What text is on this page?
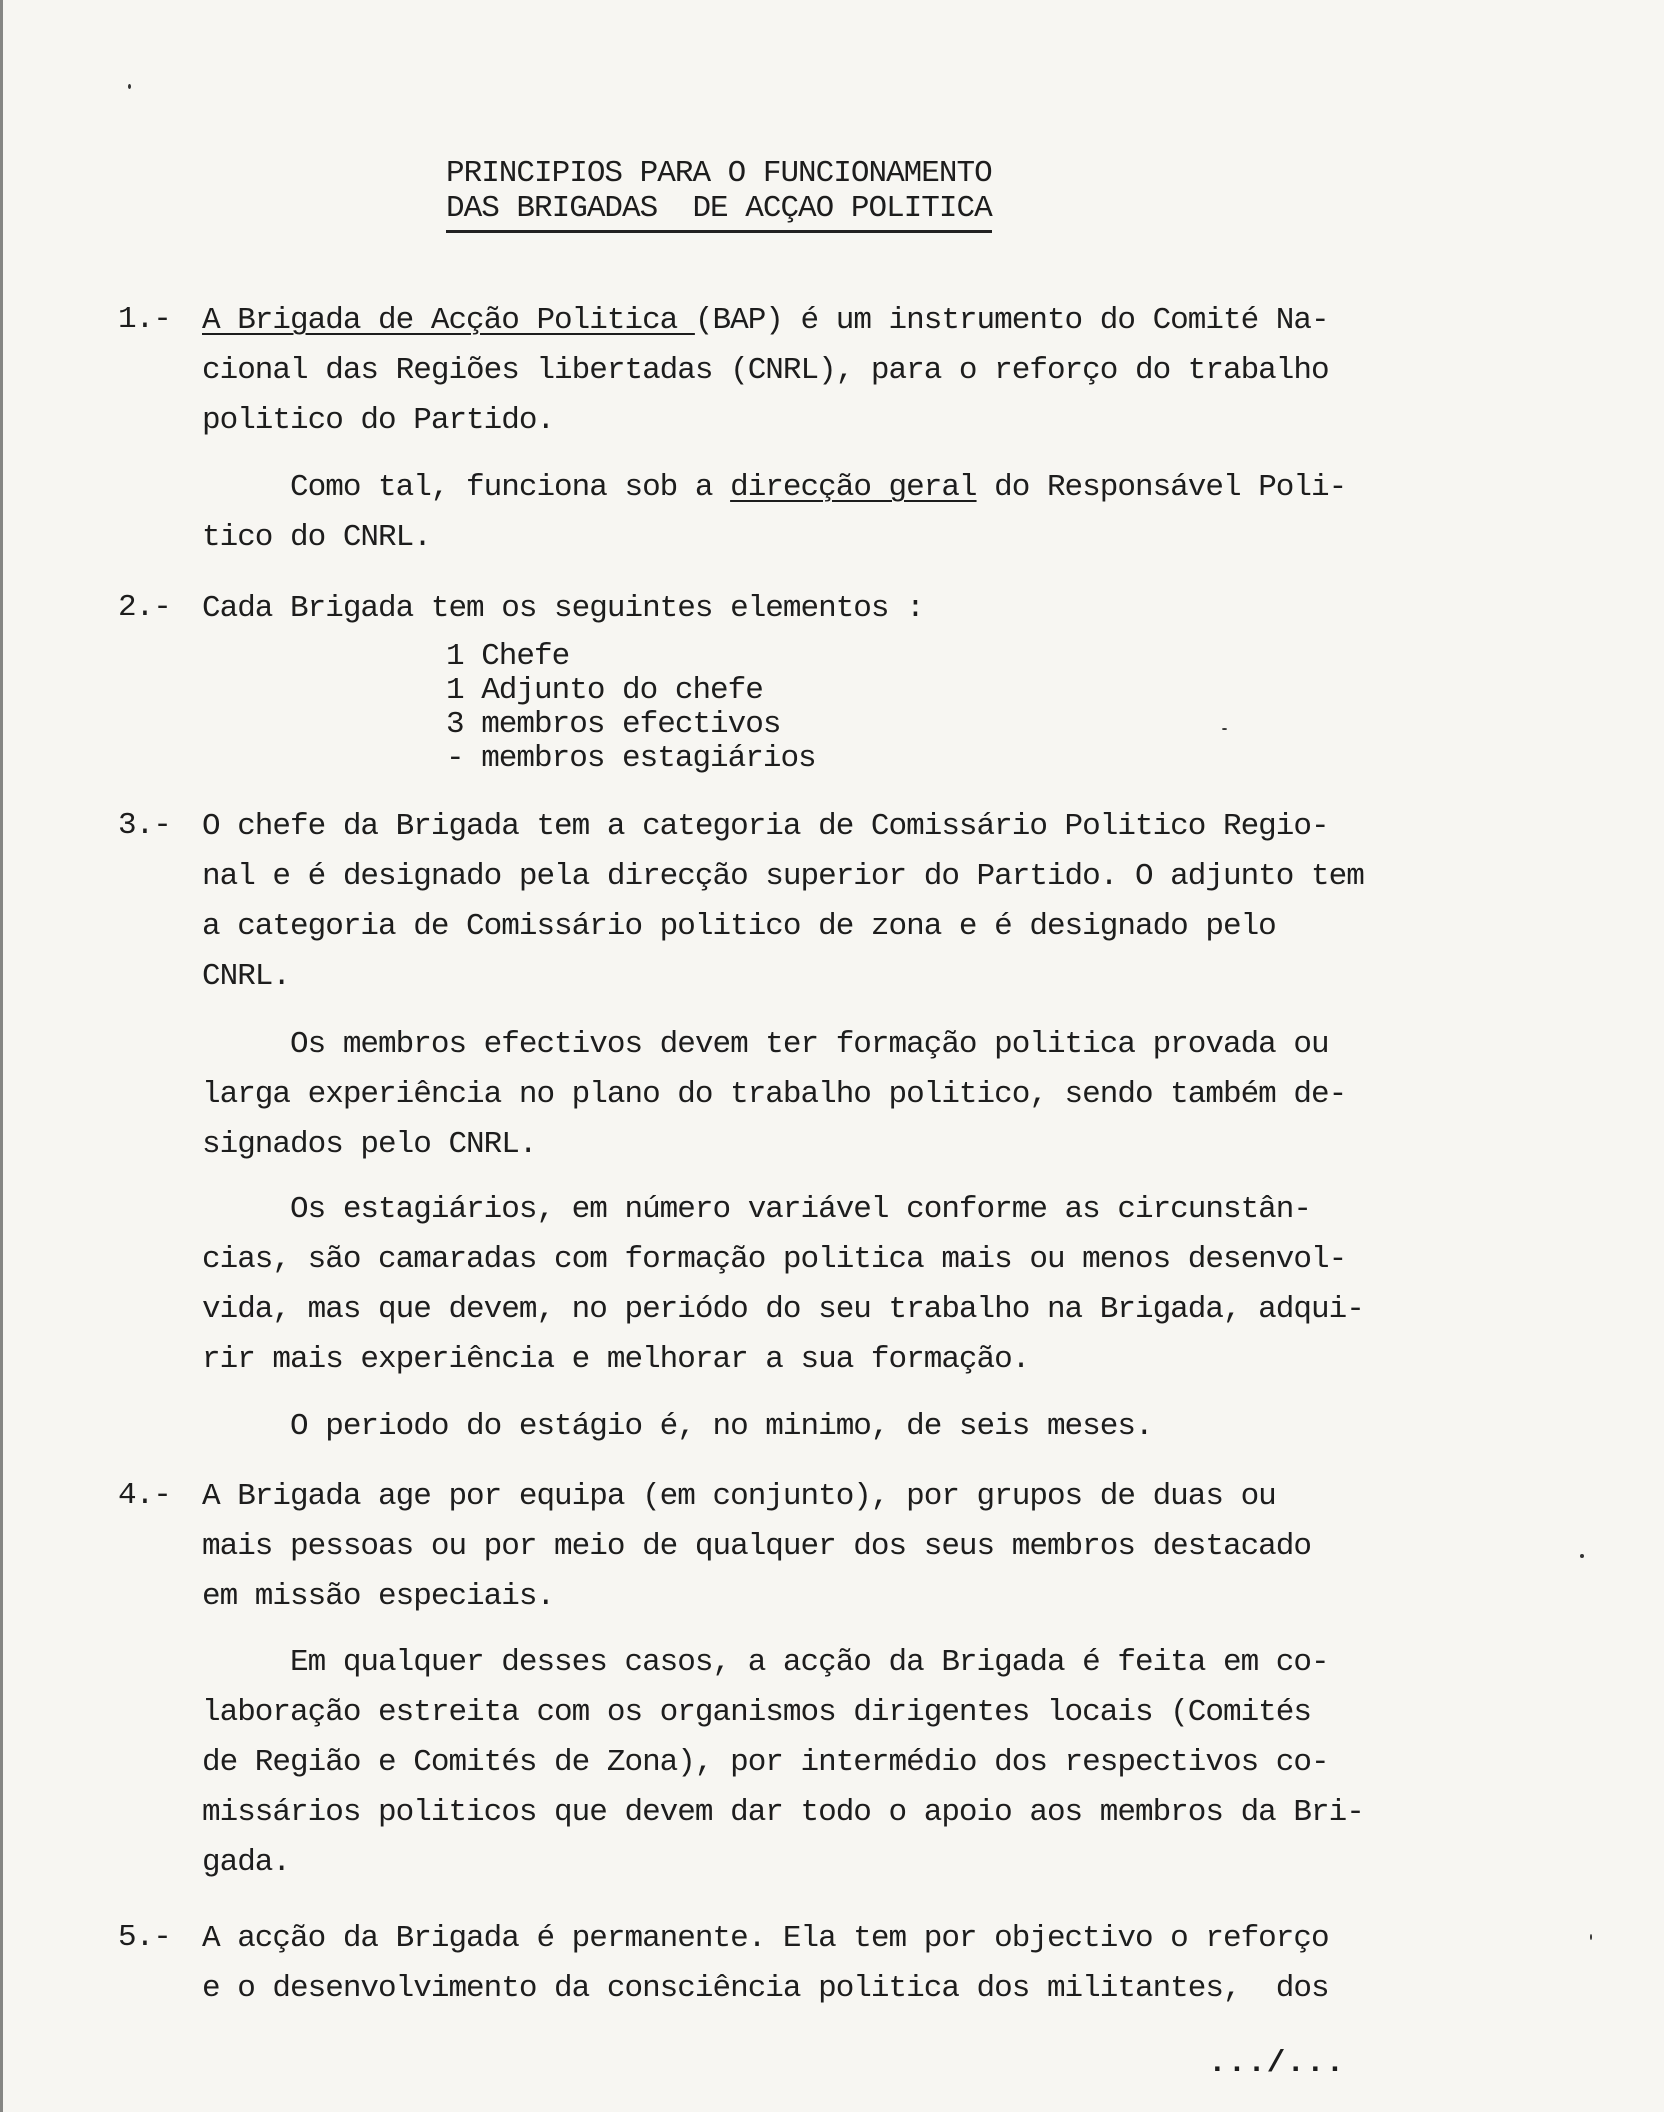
PRINCIPIOS PARA O FUNCIONAMENTO
DAS BRIGADAS  DE ACÇAO POLITICA
1.- A Brigada de Acção Politica (BAP) é um instrumento do Comité Na-
cional das Regiões libertadas (CNRL), para o reforço do trabalho
politico do Partido.
Como tal, funciona sob a direcção geral do Responsável Poli-
tico do CNRL.
2.- Cada Brigada tem os seguintes elementos :
1 Chefe
1 Adjunto do chefe
3 membros efectivos
- membros estagiários
3.- O chefe da Brigada tem a categoria de Comissário Politico Regio-
nal e é designado pela direcção superior do Partido. O adjunto tem
a categoria de Comissário politico de zona e é designado pelo
CNRL.
Os membros efectivos devem ter formação politica provada ou
larga experiência no plano do trabalho politico, sendo também de-
signados pelo CNRL.
Os estagiários, em número variável conforme as circunstân-
cias, são camaradas com formação politica mais ou menos desenvol-
vida, mas que devem, no periódo do seu trabalho na Brigada, adqui-
rir mais experiência e melhorar a sua formação.
O periodo do estágio é, no minimo, de seis meses.
4.- A Brigada age por equipa (em conjunto), por grupos de duas ou
mais pessoas ou por meio de qualquer dos seus membros destacado
em missão especiais.
Em qualquer desses casos, a acção da Brigada é feita em co-
laboração estreita com os organismos dirigentes locais (Comités
de Região e Comités de Zona), por intermédio dos respectivos co-
missários politicos que devem dar todo o apoio aos membros da Bri-
gada.
5.- A acção da Brigada é permanente. Ela tem por objectivo o reforço
e o desenvolvimento da consciência politica dos militantes,  dos
.../...
